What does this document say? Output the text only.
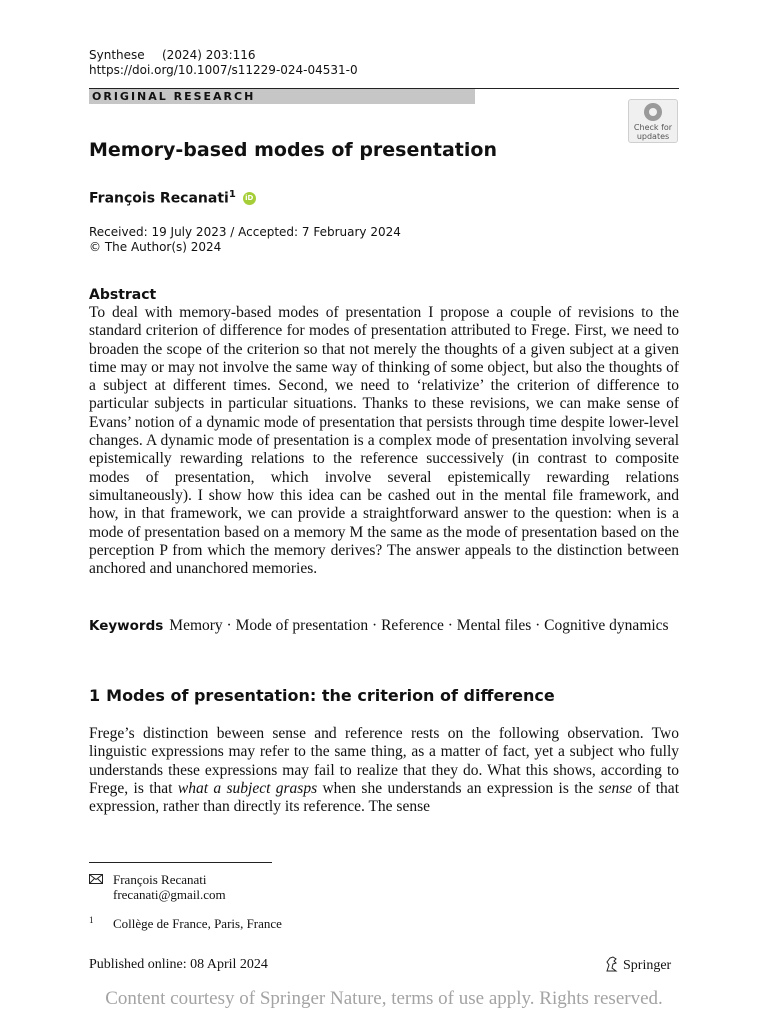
Synthese (2024) 203:116
https://doi.org/10.1007/s11229-024-04531-0
ORIGINAL RESEARCH
Check for
updates
Memory-based modes of presentation
François Recanati$^1$ iD
Received: 19 July 2023 / Accepted: 7 February 2024
© The Author(s) 2024
Abstract
To deal with memory-based modes of presentation I propose a couple of revisions to the standard criterion of difference for modes of presentation attributed to Frege. First, we need to broaden the scope of the criterion so that not merely the thoughts of a given subject at a given time may or may not involve the same way of thinking of some object, but also the thoughts of a subject at different times. Second, we need to ‘relativize’ the criterion of difference to particular subjects in particular situations. Thanks to these revisions, we can make sense of Evans’ notion of a dynamic mode of presentation that persists through time despite lower-level changes. A dynamic mode of presentation is a complex mode of presentation involving several epistemically rewarding relations to the reference successively (in contrast to composite modes of presentation, which involve several epistemically rewarding relations simultaneously). I show how this idea can be cashed out in the mental file framework, and how, in that framework, we can provide a straightforward answer to the question: when is a mode of presentation based on a memory M the same as the mode of presentation based on the perception P from which the memory derives? The answer appeals to the distinction between anchored and unanchored memories.
Keywords Memory · Mode of presentation · Reference · Mental files · Cognitive dynamics
1 Modes of presentation: the criterion of difference
Frege’s distinction beween sense and reference rests on the following observation. Two linguistic expressions may refer to the same thing, as a matter of fact, yet a subject who fully understands these expressions may fail to realize that they do. What this shows, according to Frege, is that what a subject grasps when she understands an expression is the sense of that expression, rather than directly its reference. The sense
François Recanati
frecanati@gmail.com
1 Collège de France, Paris, France
Published online: 08 April 2024	Springer
Content courtesy of Springer Nature, terms of use apply. Rights reserved.
